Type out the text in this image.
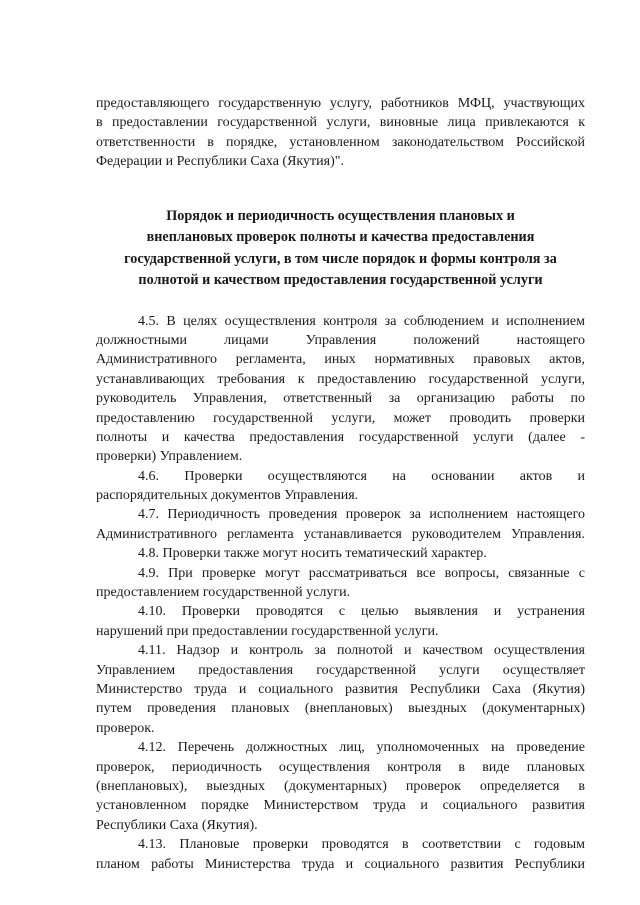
предоставляющего государственную услугу, работников МФЦ, участвующих
в предоставлении государственной услуги, виновные лица привлекаются к
ответственности в порядке, установленном законодательством Российской
Федерации и Республики Саха (Якутия)".
Порядок и периодичность осуществления плановых и
внеплановых проверок полноты и качества предоставления
государственной услуги, в том числе порядок и формы контроля за
полнотой и качеством предоставления государственной услуги
4.5. В целях осуществления контроля за соблюдением и исполнением
должностными лицами Управления положений настоящего
Административного регламента, иных нормативных правовых актов,
устанавливающих требования к предоставлению государственной услуги,
руководитель Управления, ответственный за организацию работы по
предоставлению государственной услуги, может проводить проверки
полноты и качества предоставления государственной услуги (далее -
проверки) Управлением.
4.6. Проверки осуществляются на основании актов и
распорядительных документов Управления.
4.7. Периодичность проведения проверок за исполнением настоящего
Административного регламента устанавливается руководителем Управления.
4.8. Проверки также могут носить тематический характер.
4.9. При проверке могут рассматриваться все вопросы, связанные с
предоставлением государственной услуги.
4.10. Проверки проводятся с целью выявления и устранения
нарушений при предоставлении государственной услуги.
4.11. Надзор и контроль за полнотой и качеством осуществления
Управлением предоставления государственной услуги осуществляет
Министерство труда и социального развития Республики Саха (Якутия)
путем проведения плановых (внеплановых) выездных (документарных)
проверок.
4.12. Перечень должностных лиц, уполномоченных на проведение
проверок, периодичность осуществления контроля в виде плановых
(внеплановых), выездных (документарных) проверок определяется в
установленном порядке Министерством труда и социального развития
Республики Саха (Якутия).
4.13. Плановые проверки проводятся в соответствии с годовым
планом работы Министерства труда и социального развития Республики
